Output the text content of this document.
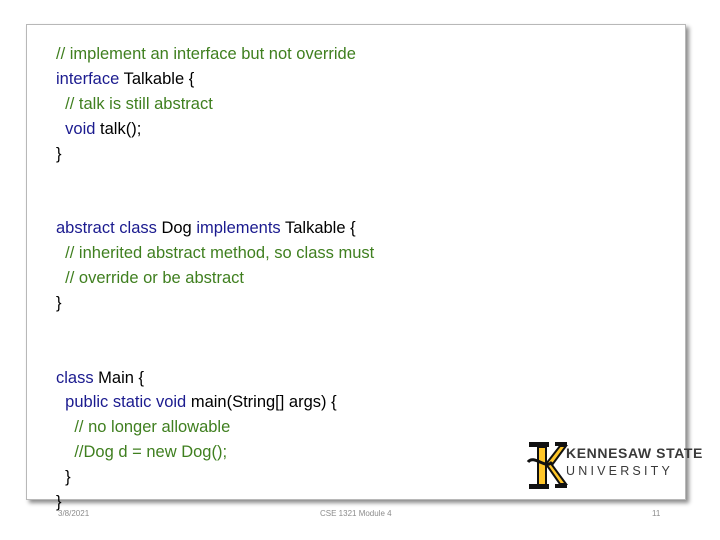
// implement an interface but not override
interface Talkable {
// talk is still abstract
void talk();
}
abstract class Dog implements Talkable {
// inherited abstract method, so class must
// override or be abstract
}
class Main {
public static void main(String[] args) {
// no longer allowable
//Dog d = new Dog();
}
}
KENNESAW STATE
UNIVERSITY
3/8/2021	CSE 1321 Module 4	11
